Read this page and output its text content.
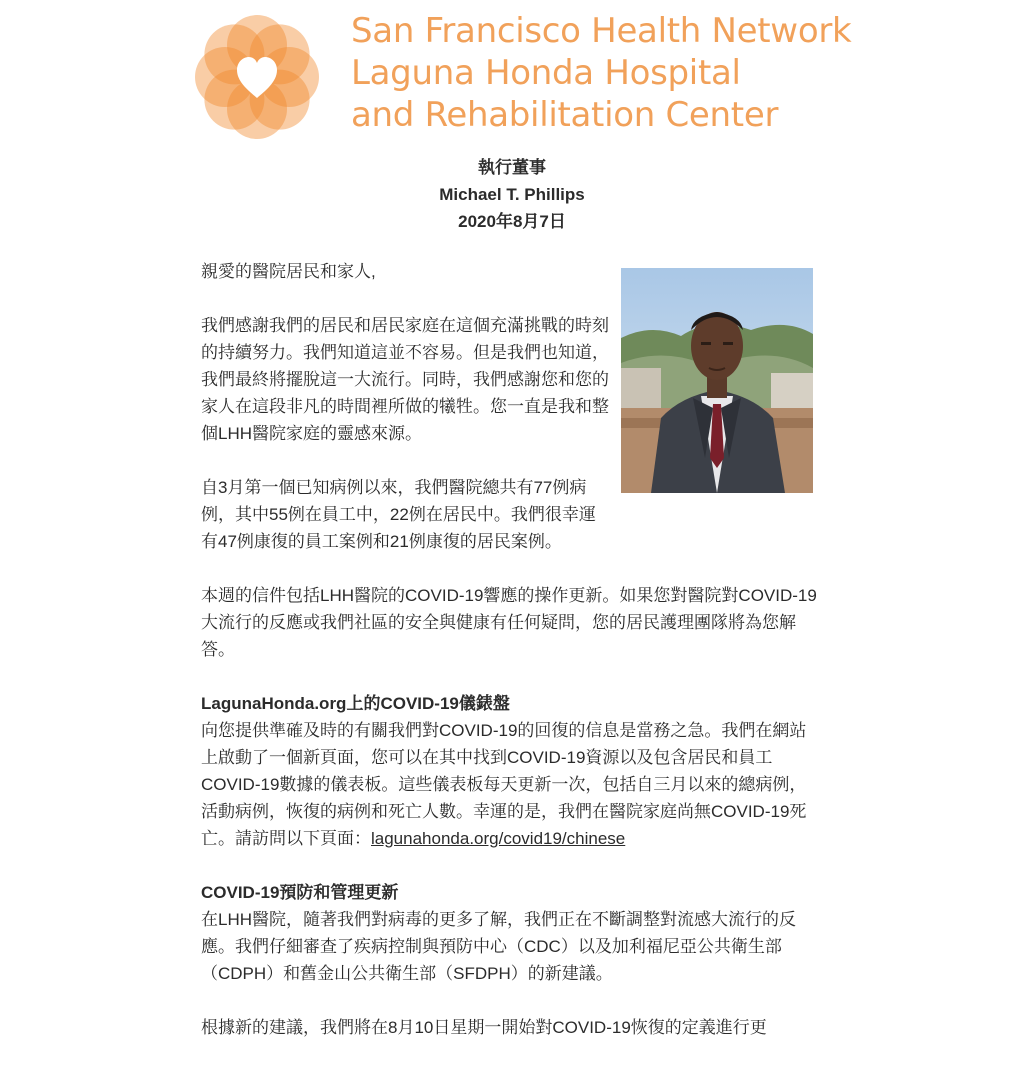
San Francisco Health Network
Laguna Honda Hospital
and Rehabilitation Center
執行董事
Michael T. Phillips
2020年8月7日

親愛的醫院居民和家人,

我們感謝我們的居民和居民家庭在這個充滿挑戰的時刻的持續努力。我們知道這並不容易。但是我們也知道，我們最終將擺脫這一大流行。同時，我們感謝您和您的家人在這段非凡的時間裡所做的犧牲。您一直是我和整個LHH醫院家庭的靈感來源。

自3月第一個已知病例以來，我們醫院總共有77例病例，其中55例在員工中，22例在居民中。我們很幸運有47例康復的員工案例和21例康復的居民案例。

本週的信件包括LHH醫院的COVID-19響應的操作更新。如果您對醫院對COVID-19大流行的反應或我們社區的安全與健康有任何疑問，您的居民護理團隊將為您解答。

LagunaHonda.org上的COVID-19儀錶盤
向您提供準確及時的有關我們對COVID-19的回復的信息是當務之急。我們在網站上啟動了一個新頁面，您可以在其中找到COVID-19資源以及包含居民和員工COVID-19數據的儀表板。這些儀表板每天更新一次，包括自三月以來的總病例，活動病例，恢復的病例和死亡人數。幸運的是，我們在醫院家庭尚無COVID-19死亡。請訪問以下頁面：lagunahonda.org/covid19/chinese

COVID-19預防和管理更新
在LHH醫院，隨著我們對病毒的更多了解，我們正在不斷調整對流感大流行的反應。我們仔細審查了疾病控制與預防中心（CDC）以及加利福尼亞公共衛生部（CDPH）和舊金山公共衛生部（SFDPH）的新建議。

根據新的建議，我們將在8月10日星期一開始對COVID-19恢復的定義進行更
